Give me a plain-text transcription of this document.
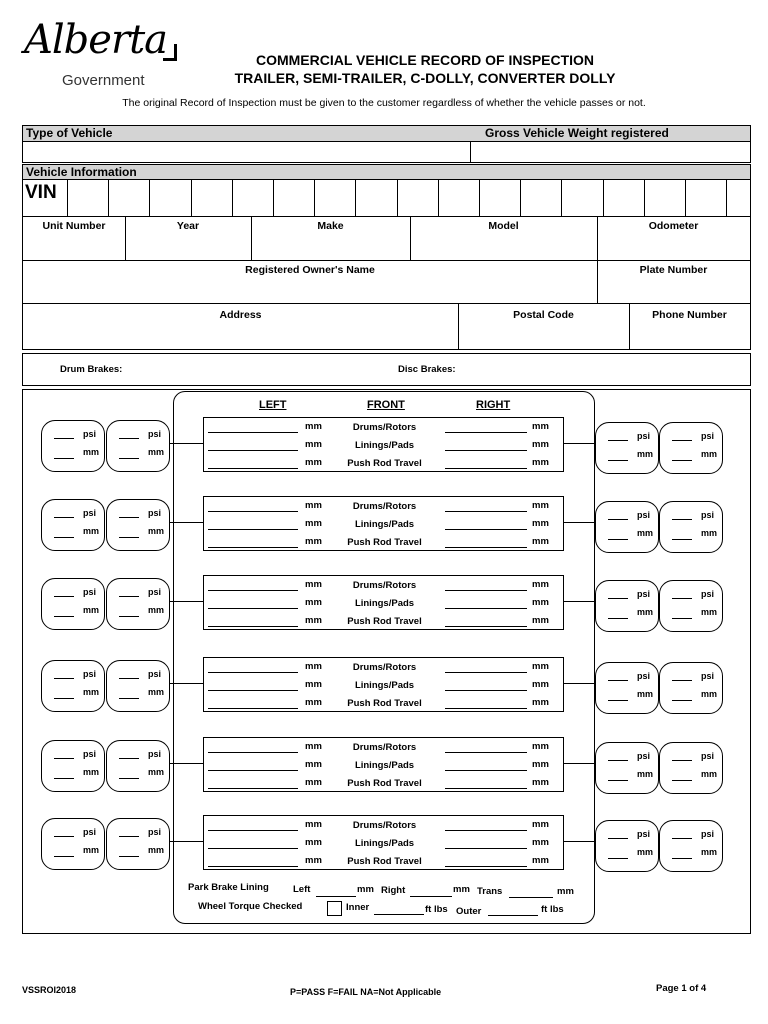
Alberta
Government
COMMERCIAL VEHICLE RECORD OF INSPECTION
TRAILER, SEMI-TRAILER, C-DOLLY, CONVERTER DOLLY
The original Record of Inspection must be given to the customer regardless of whether the vehicle passes or not.
Type of Vehicle	Gross Vehicle Weight registered
Vehicle Information
VIN
Unit Number	Year	Make	Model	Odometer
Registered Owner's Name	Plate Number
Address	Postal Code	Phone Number
Drum Brakes:	Disc Brakes:
LEFT	FRONT	RIGHT
psi
mm
psi
mm
psi
mm
psi
mm
mm	Drums/Rotors	mm
mm	Linings/Pads	mm
mm	Push Rod Travel	mm
psi
mm
psi
mm
psi
mm
psi
mm
mm	Drums/Rotors	mm
mm	Linings/Pads	mm
mm	Push Rod Travel	mm
psi
mm
psi
mm
psi
mm
psi
mm
mm	Drums/Rotors	mm
mm	Linings/Pads	mm
mm	Push Rod Travel	mm
psi
mm
psi
mm
psi
mm
psi
mm
mm	Drums/Rotors	mm
mm	Linings/Pads	mm
mm	Push Rod Travel	mm
psi
mm
psi
mm
psi
mm
psi
mm
mm	Drums/Rotors	mm
mm	Linings/Pads	mm
mm	Push Rod Travel	mm
psi
mm
psi
mm
psi
mm
psi
mm
mm	Drums/Rotors	mm
mm	Linings/Pads	mm
mm	Push Rod Travel	mm
Park Brake Lining	Left	mm Right	mm Trans	mm
Wheel Torque Checked	Inner	ft lbs Outer	ft lbs
VSSROI2018	P=PASS F=FAIL NA=Not Applicable	Page 1 of 4
